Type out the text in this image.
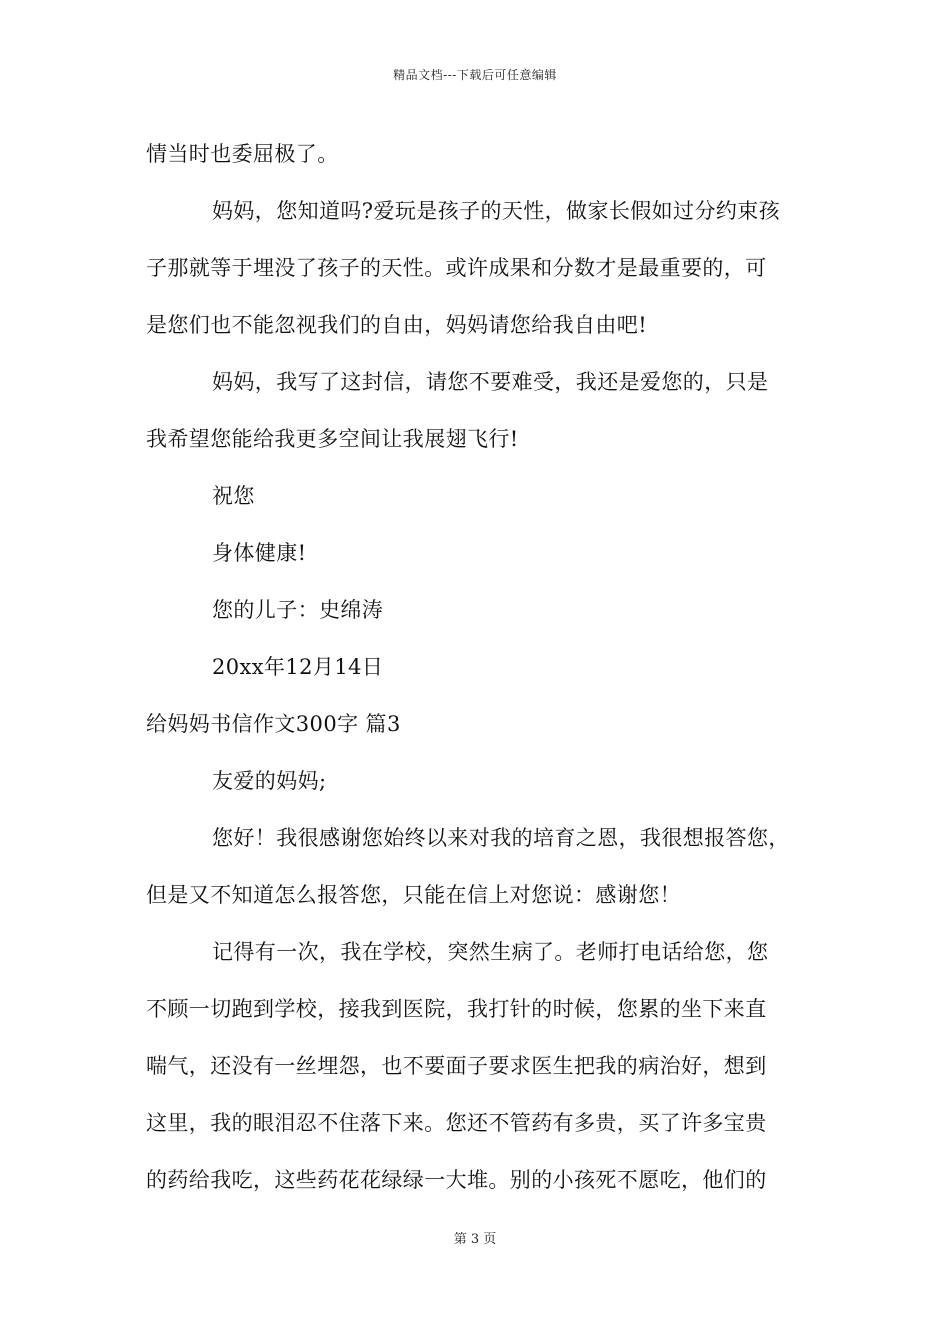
精品文档---下载后可任意编辑
情当时也委屈极了。
妈妈，您知道吗?爱玩是孩子的天性，做家长假如过分约束孩
子那就等于埋没了孩子的天性。或许成果和分数才是最重要的，可
是您们也不能忽视我们的自由，妈妈请您给我自由吧!
妈妈，我写了这封信，请您不要难受，我还是爱您的，只是
我希望您能给我更多空间让我展翅飞行!
祝您
身体健康!
您的儿子：史绵涛
20xx年12月14日
给妈妈书信作文300字 篇3
友爱的妈妈;
您好！我很感谢您始终以来对我的培育之恩，我很想报答您，
但是又不知道怎么报答您，只能在信上对您说：感谢您！
记得有一次，我在学校，突然生病了。老师打电话给您，您
不顾一切跑到学校，接我到医院，我打针的时候，您累的坐下来直
喘气，还没有一丝埋怨，也不要面子要求医生把我的病治好，想到
这里，我的眼泪忍不住落下来。您还不管药有多贵，买了许多宝贵
的药给我吃，这些药花花绿绿一大堆。别的小孩死不愿吃，他们的
第 3 页
